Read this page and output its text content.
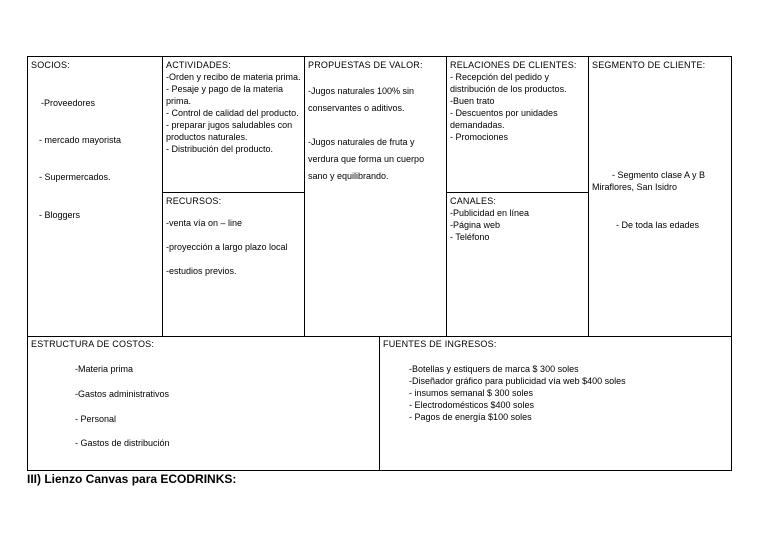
SOCIOS:
-Proveedores
- mercado mayorista
- Supermercados.
- Bloggers
ACTIVIDADES:
-Orden y recibo de materia prima.
- Pesaje y pago de la materia prima.
- Control de calidad del producto.
- preparar jugos saludables con productos naturales.
- Distribución del producto.
RECURSOS:
-venta vía on – line
-proyección a largo plazo local
-estudios previos.
PROPUESTAS DE VALOR:
-Jugos naturales 100% sin conservantes o aditivos.
-Jugos naturales de fruta y verdura que forma un cuerpo sano y equilibrando.
RELACIONES DE CLIENTES:
- Recepción del pedido y distribución de los productos.
-Buen trato
- Descuentos por unidades demandadas.
- Promociones
CANALES:
-Publicidad en línea
-Página web
- Teléfono
SEGMENTO DE CLIENTE:
- Segmento clase A y B Miraflores, San Isidro
- De toda las edades
ESTRUCTURA DE COSTOS:
-Materia prima
-Gastos administrativos
- Personal
- Gastos de distribución
FUENTES DE INGRESOS:
-Botellas y estiquers de marca $ 300 soles
-Diseñador gráfico para publicidad vía web $400 soles
- insumos semanal $ 300 soles
- Electrodomésticos $400 soles
- Pagos de energía $100 soles
III) Lienzo Canvas para ECODRINKS:
